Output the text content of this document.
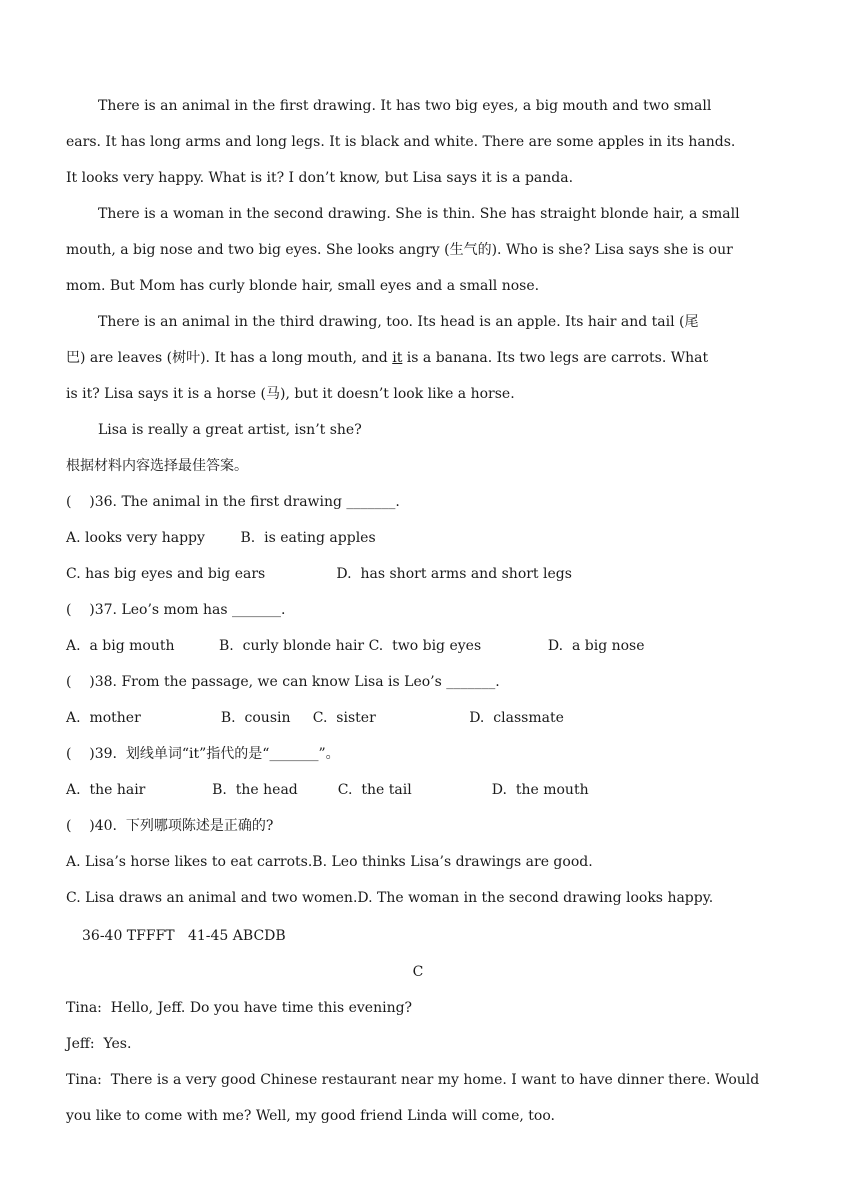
There is an animal in the first drawing. It has two big eyes, a big mouth and two small
ears. It has long arms and long legs. It is black and white. There are some apples in its hands.
It looks very happy. What is it? I don’t know, but Lisa says it is a panda.
There is a woman in the second drawing. She is thin. She has straight blonde hair, a small
mouth, a big nose and two big eyes. She looks angry (生气的). Who is she? Lisa says she is our
mom. But Mom has curly blonde hair, small eyes and a small nose.
There is an animal in the third drawing, too. Its head is an apple. Its hair and tail (尾
巴) are leaves (树叶). It has a long mouth, and it is a banana. Its two legs are carrots. What
is it? Lisa says it is a horse (马), but it doesn’t look like a horse.
Lisa is really a great artist, isn’t she?
根据材料内容选择最佳答案。
(    )36. The animal in the first drawing _______.
A. looks very happy        B.  is eating apples
C. has big eyes and big ears                D.  has short arms and short legs
(    )37. Leo’s mom has _______.
A.  a big mouth          B.  curly blonde hair C.  two big eyes               D.  a big nose
(    )38. From the passage, we can know Lisa is Leo’s _______.
A.  mother                  B.  cousin     C.  sister                     D.  classmate
(    )39.  划线单词“it”指代的是“_______”。
A.  the hair               B.  the head         C.  the tail                  D.  the mouth
(    )40.  下列哪项陈述是正确的?
A. Lisa’s horse likes to eat carrots.B. Leo thinks Lisa’s drawings are good.
C. Lisa draws an animal and two women.D. The woman in the second drawing looks happy.
36-40 TFFFT   41-45 ABCDB
C
Tina:  Hello, Jeff. Do you have time this evening?
Jeff:  Yes.
Tina:  There is a very good Chinese restaurant near my home. I want to have dinner there. Would
you like to come with me? Well, my good friend Linda will come, too.
